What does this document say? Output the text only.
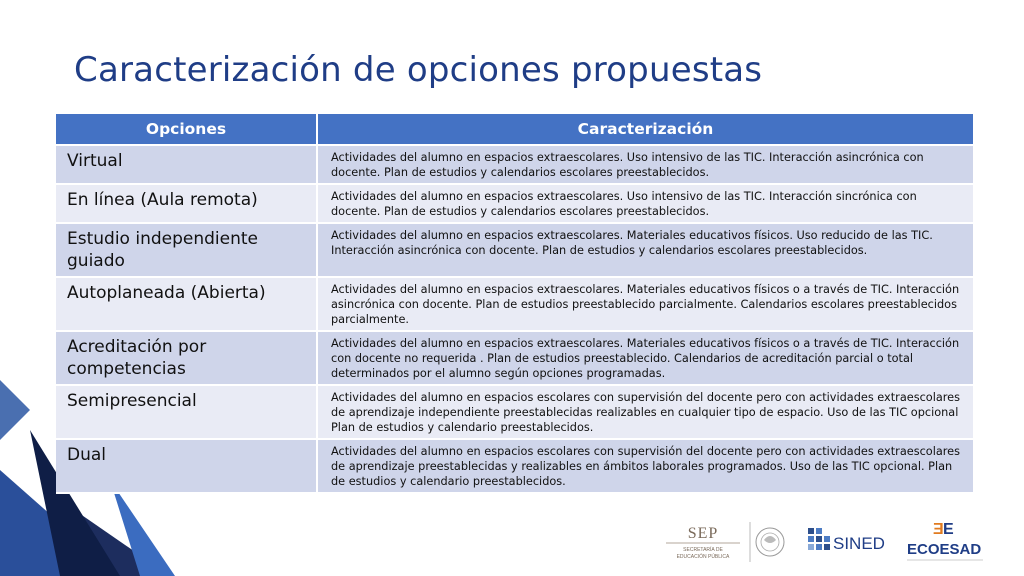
Caracterización de opciones propuestas
Opciones	Caracterización
Virtual	Actividades del alumno en espacios extraescolares. Uso intensivo de las TIC. Interacción asincrónica con docente. Plan de estudios y calendarios escolares preestablecidos.
En línea (Aula remota)	Actividades del alumno en espacios extraescolares. Uso intensivo de las TIC. Interacción sincrónica con docente. Plan de estudios y calendarios escolares preestablecidos.
Estudio independiente guiado	Actividades del alumno en espacios extraescolares. Materiales educativos físicos. Uso reducido de las TIC. Interacción asincrónica con docente. Plan de estudios y calendarios escolares preestablecidos.
Autoplaneada (Abierta)	Actividades del alumno en espacios extraescolares. Materiales educativos físicos o a través de TIC. Interacción asincrónica con docente. Plan de estudios preestablecido parcialmente. Calendarios escolares preestablecidos parcialmente.
Acreditación por competencias	Actividades del alumno en espacios extraescolares. Materiales educativos físicos o a través de TIC. Interacción con docente no requerida . Plan de estudios preestablecido. Calendarios de acreditación parcial o total determinados por el alumno según opciones programadas.
Semipresencial	Actividades del alumno en espacios escolares con supervisión del docente pero con actividades extraescolares de aprendizaje independiente preestablecidas realizables en cualquier tipo de espacio. Uso de las TIC opcional Plan de estudios y calendario preestablecidos.
Dual	Actividades del alumno en espacios escolares con supervisión del docente pero con actividades extraescolares de aprendizaje preestablecidas y realizables en ámbitos laborales programados. Uso de las TIC opcional. Plan de estudios y calendario preestablecidos.
SEP
SECRETARÍA DE
EDUCACIÓN PÚBLICA
SINED
Ǝ E
ECOESAD
